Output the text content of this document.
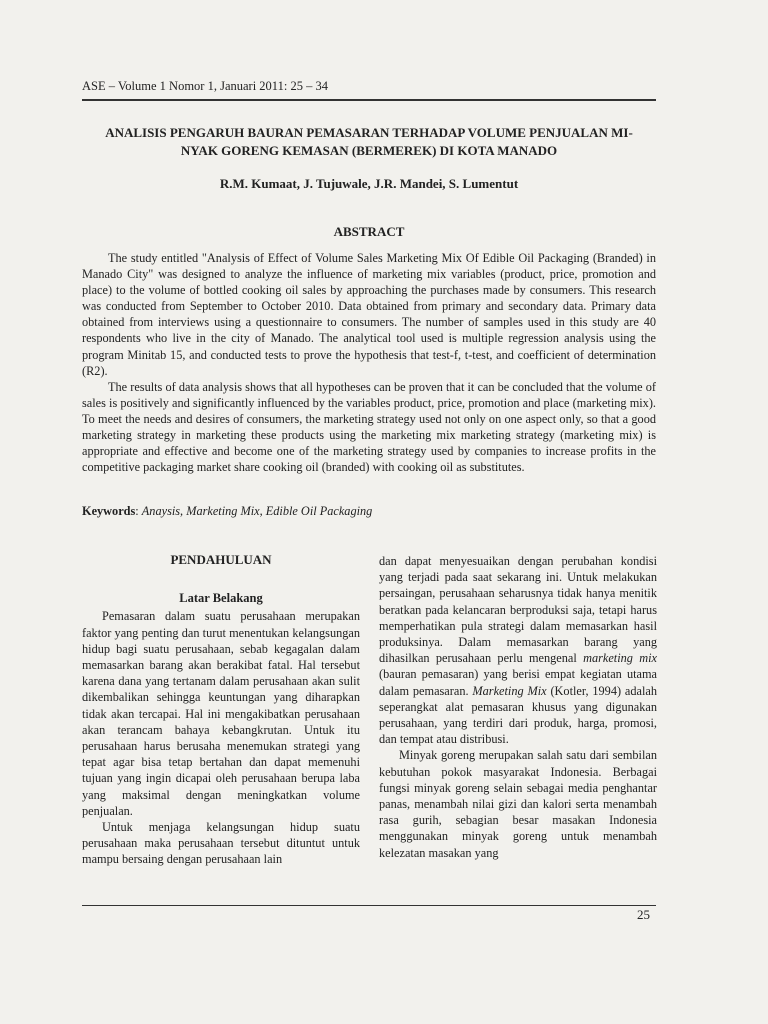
ASE – Volume 1 Nomor 1, Januari 2011: 25 – 34
ANALISIS PENGARUH BAURAN PEMASARAN TERHADAP VOLUME PENJUALAN MI-
NYAK GORENG KEMASAN (BERMEREK) DI KOTA MANADO

R.M. Kumaat, J. Tujuwale, J.R. Mandei, S. Lumentut

ABSTRACT

The study entitled "Analysis of Effect of Volume Sales Marketing Mix Of Edible Oil Packaging (Branded) in Manado City" was designed to analyze the influence of marketing mix variables (product, price, promotion and place) to the volume of bottled cooking oil sales by approaching the purchases made by consumers. This research was conducted from September to October 2010. Data obtained from primary and secondary data. Primary data obtained from interviews using a questionnaire to consumers. The number of samples used in this study are 40 respondents who live in the city of Manado. The analytical tool used is multiple regression analysis using the program Minitab 15, and conducted tests to prove the hypothesis that test-f, t-test, and coefficient of determination (R2).

The results of data analysis shows that all hypotheses can be proven that it can be concluded that the volume of sales is positively and significantly influenced by the variables product, price, promotion and place (marketing mix). To meet the needs and desires of consumers, the marketing strategy used not only on one aspect only, so that a good marketing strategy in marketing these products using the marketing mix marketing strategy (marketing mix) is appropriate and effective and become one of the marketing strategy used by companies to increase profits in the competitive packaging market share cooking oil (branded) with cooking oil as substitutes.

Keywords: Anaysis, Marketing Mix, Edible Oil Packaging

PENDAHULUAN
Latar Belakang

Pemasaran dalam suatu perusahaan merupakan faktor yang penting dan turut menentukan kelangsungan hidup bagi suatu perusahaan, sebab kegagalan dalam memasarkan barang akan berakibat fatal. Hal tersebut karena dana yang tertanam dalam perusahaan akan sulit dikembalikan sehingga keuntungan yang diharapkan tidak akan tercapai. Hal ini mengakibatkan perusahaan akan terancam bahaya kebangkrutan. Untuk itu perusahaan harus berusaha menemukan strategi yang tepat agar bisa tetap bertahan dan dapat memenuhi tujuan yang ingin dicapai oleh perusahaan berupa laba yang maksimal dengan meningkatkan volume penjualan.

Untuk menjaga kelangsungan hidup suatu perusahaan maka perusahaan tersebut dituntut untuk mampu bersaing dengan perusahaan lain

dan dapat menyesuaikan dengan perubahan kondisi yang terjadi pada saat sekarang ini. Untuk melakukan persaingan, perusahaan seharusnya tidak hanya menitik beratkan pada kelancaran berproduksi saja, tetapi harus memperhatikan pula strategi dalam memasarkan hasil produksinya. Dalam memasarkan barang yang dihasilkan perusahaan perlu mengenal marketing mix (bauran pemasaran) yang berisi empat kegiatan utama dalam pemasaran. Marketing Mix (Kotler, 1994) adalah seperangkat alat pemasaran khusus yang digunakan perusahaan, yang terdiri dari produk, harga, promosi, dan tempat atau distribusi.

Minyak goreng merupakan salah satu dari sembilan kebutuhan pokok masyarakat Indonesia. Berbagai fungsi minyak goreng selain sebagai media penghantar panas, menambah nilai gizi dan kalori serta menambah rasa gurih, sebagian besar masakan Indonesia menggunakan minyak goreng untuk menambah kelezatan masakan yang

25
